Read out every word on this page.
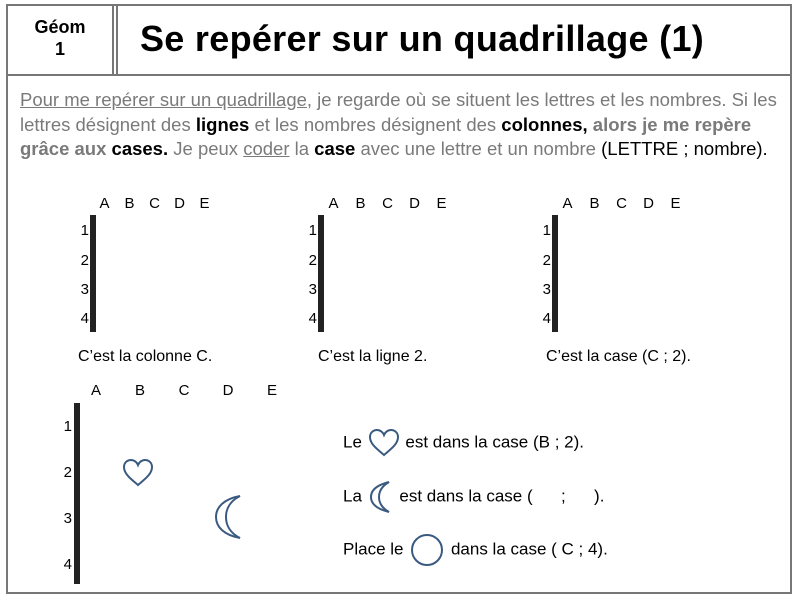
Géom
1	Se repérer sur un quadrillage (1)
Pour me repérer sur un quadrillage, je regarde où se situent les lettres et les nombres. Si les lettres désignent des lignes et les nombres désignent des colonnes, alors je me repère grâce aux cases. Je peux coder la case avec une lettre et un nombre (LETTRE ; nombre).
A B C D E
1
2
3
4

C’est la colonne C.
A	B	C	D	E
1
2
3
4

C’est la ligne 2.
A	B	C	D	E
1
2
3
4

C’est la case (C ; 2).
A	B	C	D	E
1
2
3
4

Le	est dans la case (B ; 2).
La est dans la case (      ;      ).
Place le	dans la case ( C ; 4).
